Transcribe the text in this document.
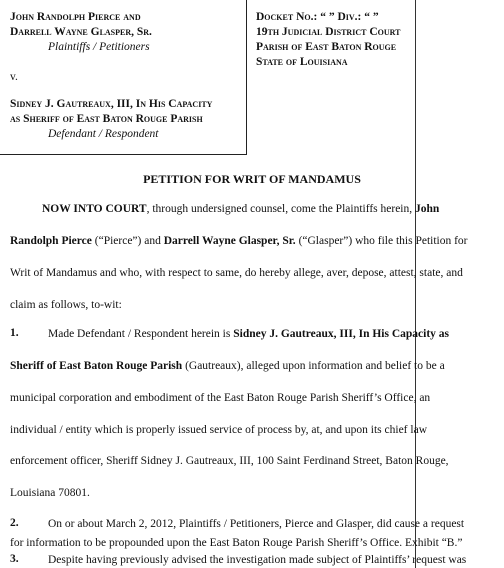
John Randolph Pierce and
Darrell Wayne Glasper, Sr.
Plaintiffs / Petitioners
v.
Sidney J. Gautreaux, III, In His Capacity
as Sheriff of East Baton Rouge Parish
Defendant / Respondent
Docket No.: “ ” Div.: “ ”
19th Judicial District Court
Parish of East Baton Rouge
State of Louisiana
PETITION FOR WRIT OF MANDAMUS
NOW INTO COURT, through undersigned counsel, come the Plaintiffs herein, John
Randolph Pierce (“Pierce”) and Darrell Wayne Glasper, Sr. (“Glasper”) who file this Petition for
Writ of Mandamus and who, with respect to same, do hereby allege, aver, depose, attest, state, and
claim as follows, to-wit:
1.	Made Defendant / Respondent herein is Sidney J. Gautreaux, III, In His Capacity as
Sheriff of East Baton Rouge Parish (Gautreaux), alleged upon information and belief to be a
municipal corporation and embodiment of the East Baton Rouge Parish Sheriff’s Office, an
individual / entity which is properly issued service of process by, at, and upon its chief law
enforcement officer, Sheriff Sidney J. Gautreaux, III, 100 Saint Ferdinand Street, Baton Rouge,
Louisiana 70801.
2.	On or about March 2, 2012, Plaintiffs / Petitioners, Pierce and Glasper, did cause a request
for information to be propounded upon the East Baton Rouge Parish Sheriff’s Office. Exhibit “B.”
3.	Despite having previously advised the investigation made subject of Plaintiffs’ request was
